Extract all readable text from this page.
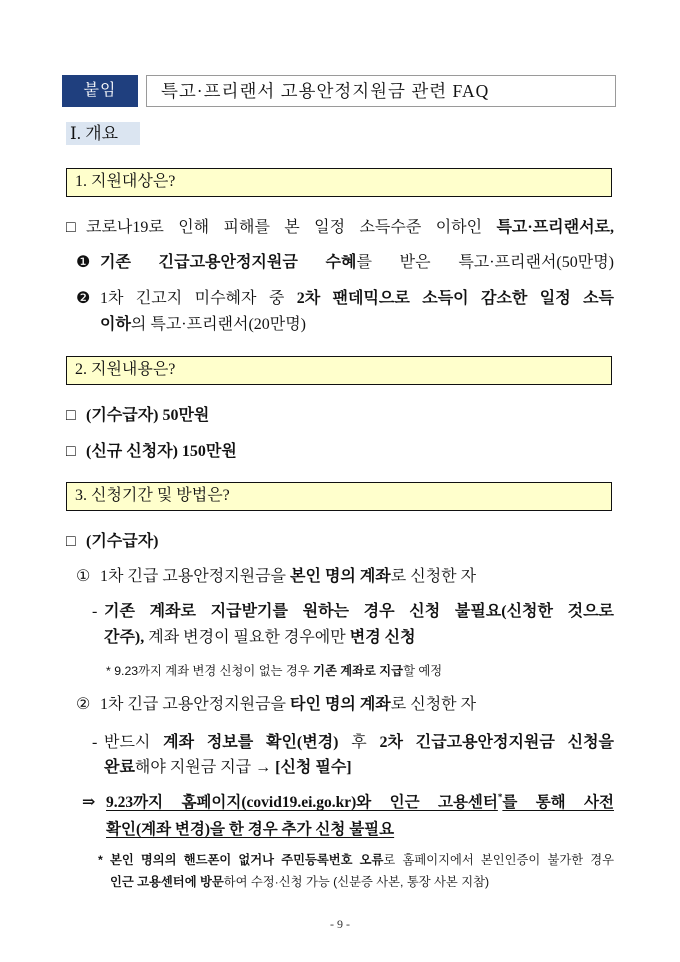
붙임	특고·프리랜서 고용안정지원금 관련 FAQ
Ⅰ. 개요
1. 지원대상은?
□ 코로나19로 인해 피해를 본 일정 소득수준 이하인 특고·프리랜서로,
❶ 기존 긴급고용안정지원금 수혜를 받은 특고·프리랜서(50만명)
❷ 1차 긴고지 미수혜자 중 2차 팬데믹으로 소득이 감소한 일정 소득
이하의 특고·프리랜서(20만명)
2. 지원내용은?
□ (기수급자) 50만원
□ (신규 신청자) 150만원
3. 신청기간 및 방법은?
□ (기수급자)
① 1차 긴급 고용안정지원금을 본인 명의 계좌로 신청한 자
- 기존 계좌로 지급받기를 원하는 경우 신청 불필요(신청한 것으로
간주), 계좌 변경이 필요한 경우에만 변경 신청
* 9.23까지 계좌 변경 신청이 없는 경우 기존 계좌로 지급할 예정
② 1차 긴급 고용안정지원금을 타인 명의 계좌로 신청한 자
- 반드시 계좌 정보를 확인(변경) 후 2차 긴급고용안정지원금 신청을
완료해야 지원금 지급 → [신청 필수]
⇒ 9.23까지 홈페이지(covid19.ei.go.kr)와 인근 고용센터*를 통해 사전
확인(계좌 변경)을 한 경우 추가 신청 불필요
* 본인 명의의 핸드폰이 없거나 주민등록번호 오류로 홈페이지에서 본인인증이 불가한 경우
인근 고용센터에 방문하여 수정·신청 가능 (신분증 사본, 통장 사본 지참)
- 9 -
